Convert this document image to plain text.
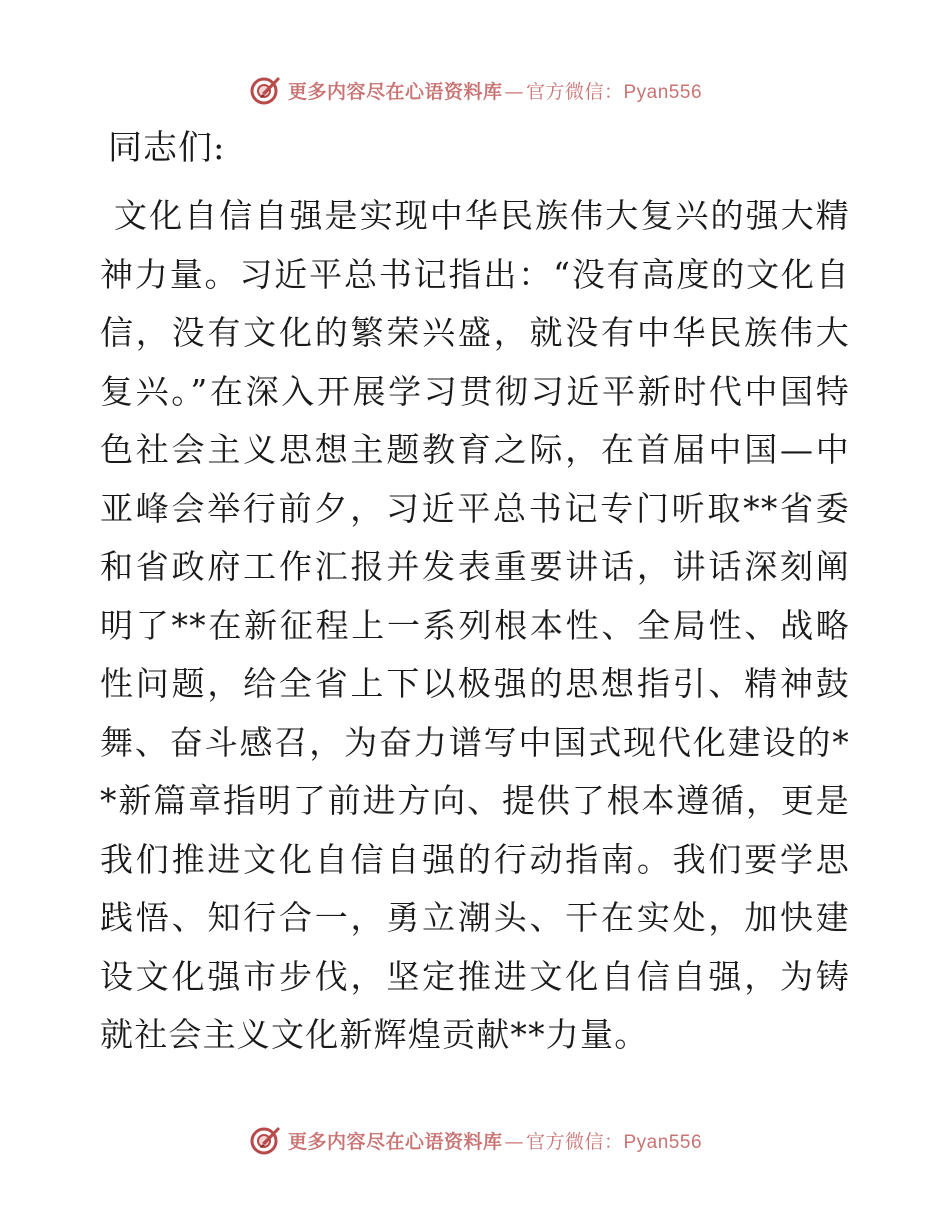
更多内容尽在心语资料库 — 官方微信： Pyan556

同志们:

文化自信自强是实现中华民族伟大复兴的强大精神力量。习近平总书记指出：“没有高度的文化自信，没有文化的繁荣兴盛，就没有中华民族伟大复兴。”在深入开展学习贯彻习近平新时代中国特色社会主义思想主题教育之际，在首届中国—中亚峰会举行前夕，习近平总书记专门听取**省委和省政府工作汇报并发表重要讲话，讲话深刻阐明了**在新征程上一系列根本性、全局性、战略性问题，给全省上下以极强的思想指引、精神鼓舞、奋斗感召，为奋力谱写中国式现代化建设的**新篇章指明了前进方向、提供了根本遵循，更是我们推进文化自信自强的行动指南。我们要学思践悟、知行合一，勇立潮头、干在实处，加快建设文化强市步伐，坚定推进文化自信自强，为铸就社会主义文化新辉煌贡献**力量。

更多内容尽在心语资料库 — 官方微信： Pyan556
